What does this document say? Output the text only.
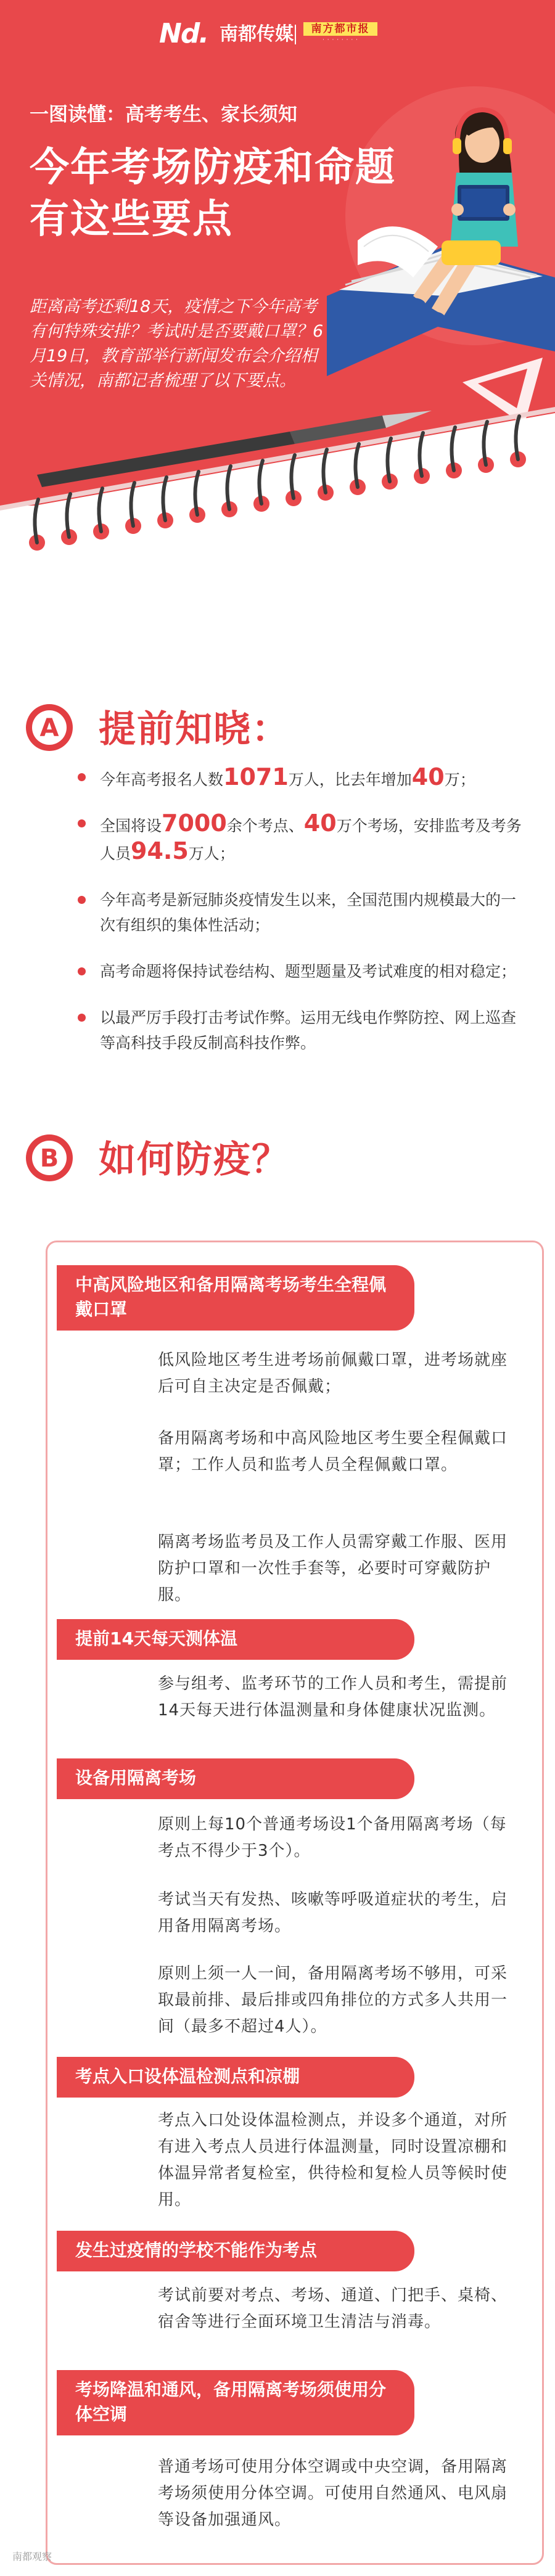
Nd. 南都传媒	南方都市报
· · · · · · · ·
一图读懂：高考考生、家长须知
今年考场防疫和命题
有这些要点
距离高考还剩18天，疫情之下今年高考有何特殊安排？考试时是否要戴口罩？6月19日，教育部举行新闻发布会介绍相关情况，南都记者梳理了以下要点。
A 提前知晓：
今年高考报名人数1071万人，比去年增加40万；
全国将设7000余个考点、40万个考场，安排监考及考务人员94.5万人；
今年高考是新冠肺炎疫情发生以来，全国范围内规模最大的一次有组织的集体性活动；
高考命题将保持试卷结构、题型题量及考试难度的相对稳定；
以最严厉手段打击考试作弊。运用无线电作弊防控、网上巡查等高科技手段反制高科技作弊。
B 如何防疫？
中高风险地区和备用隔离考场考生全程佩戴口罩
低风险地区考生进考场前佩戴口罩，进考场就座后可自主决定是否佩戴；
备用隔离考场和中高风险地区考生要全程佩戴口罩；工作人员和监考人员全程佩戴口罩。
隔离考场监考员及工作人员需穿戴工作服、医用防护口罩和一次性手套等，必要时可穿戴防护服。
提前14天每天测体温
参与组考、监考环节的工作人员和考生，需提前14天每天进行体温测量和身体健康状况监测。
设备用隔离考场
原则上每10个普通考场设1个备用隔离考场（每考点不得少于3个）。
考试当天有发热、咳嗽等呼吸道症状的考生，启用备用隔离考场。
原则上须一人一间，备用隔离考场不够用，可采取最前排、最后排或四角排位的方式多人共用一间（最多不超过4人）。
考点入口设体温检测点和凉棚
考点入口处设体温检测点，并设多个通道，对所有进入考点人员进行体温测量，同时设置凉棚和体温异常者复检室，供待检和复检人员等候时使用。
发生过疫情的学校不能作为考点
考试前要对考点、考场、通道、门把手、桌椅、宿舍等进行全面环境卫生清洁与消毒。
考场降温和通风，备用隔离考场须使用分体空调
普通考场可使用分体空调或中央空调，备用隔离考场须使用分体空调。可使用自然通风、电风扇等设备加强通风。
南都观察
